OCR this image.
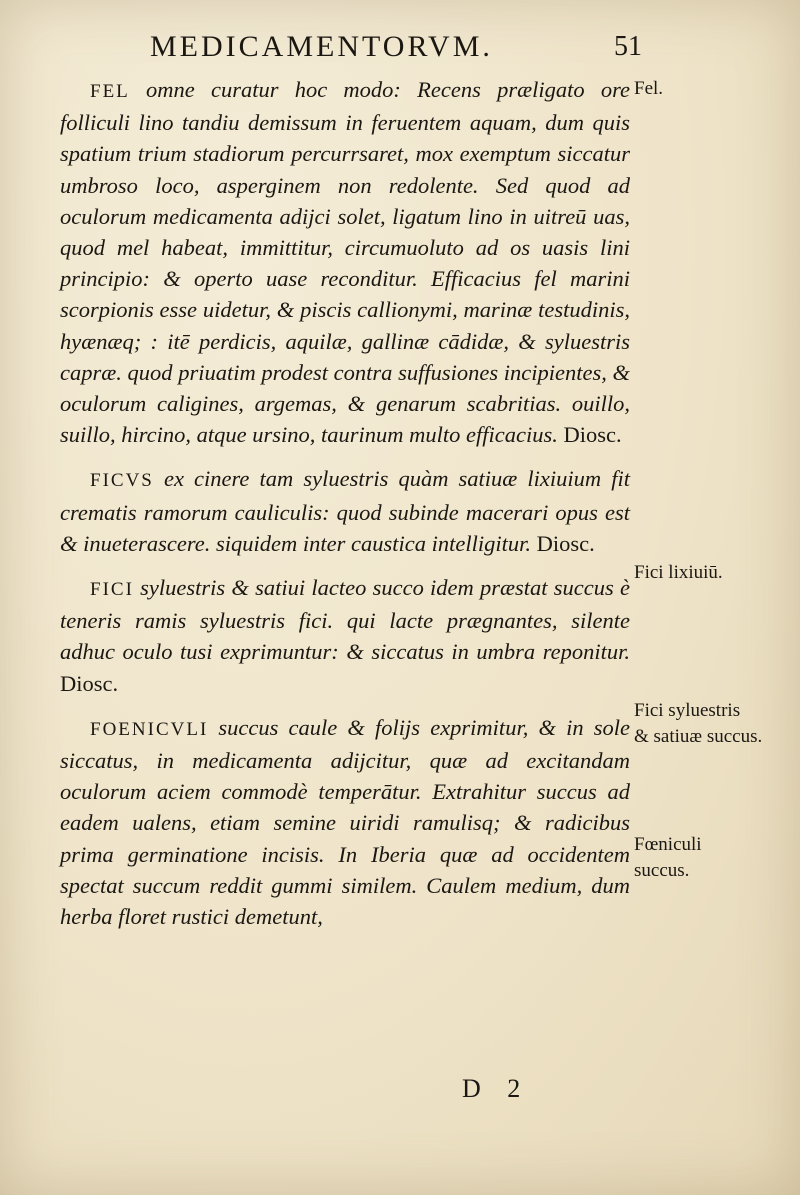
MEDICAMENTORVM.	51

FEL omne curatur hoc modo: Recens præligato ore folliculi lino tandiu demissum in feruentem aquam, dum quis spatium trium stadiorum percurrsaret, mox exemptum siccatur umbroso loco, asperginem non redolente. Sed quod ad oculorum medicamenta adijci solet, ligatum lino in uitreū uas, quod mel habeat, immittitur, circumuoluto ad os uasis lini principio: & operto uase reconditur. Efficacius fel marini scorpionis esse uidetur, & piscis callionymi, marinæ testudinis, hyænæq; : itē perdicis, aquilæ, gallinæ cādidæ, & syluestris capræ. quod priuatim prodest contra suffusiones incipientes, & oculorum caligines, argemas, & genarum scabritias. ouillo, suillo, hircino, atque ursino, taurinum multo efficacius. Diosc.

FICVS ex cinere tam syluestris quàm satiuæ lixiuium fit crematis ramorum cauliculis: quod subinde macerari opus est & inueterascere. siquidem inter caustica intelligitur. Diosc.

FICI syluestris & satiui lacteo succo idem præstat succus è teneris ramis syluestris fici. qui lacte prægnantes, silente adhuc oculo tusi exprimuntur: & siccatus in umbra reponitur. Diosc.

FOENICVLI succus caule & folijs exprimitur, & in sole siccatus, in medicamenta adijcitur, quæ ad excitandam oculorum aciem commodè temperātur. Extrahitur succus ad eadem ualens, etiam semine uiridi ramulisq; & radicibus prima germinatione incisis. In Iberia quæ ad occidentem spectat succum reddit gummi similem. Caulem medium, dum herba floret rustici demetunt,

Fel.
Fici lixiuiū.
Fici syluestris
& satiuæ succus.
Fœniculi
succus.
D 2
